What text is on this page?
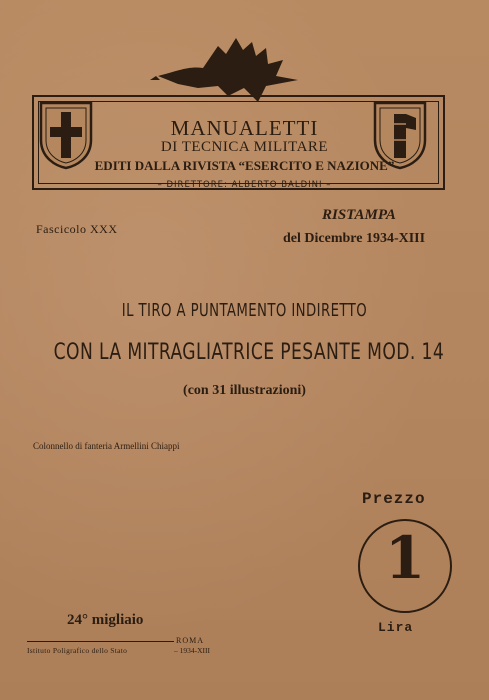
MANUALETTI
DI TECNICA MILITARE
EDITI DALLA RIVISTA “ESERCITO E NAZIONE”
– DIRETTORE: ALBERTO BALDINI –
Fascicolo XXX
RISTAMPA
del Dicembre 1934-XIII
IL TIRO A PUNTAMENTO INDIRETTO
CON LA MITRAGLIATRICE PESANTE MOD. 14
(con 31 illustrazioni)
Colonnello di fanteria Armellini Chiappi
Prezzo
1
Lira
24° migliaio
ROMA
Istituto Poligrafico dello Stato	– 1934-XIII
